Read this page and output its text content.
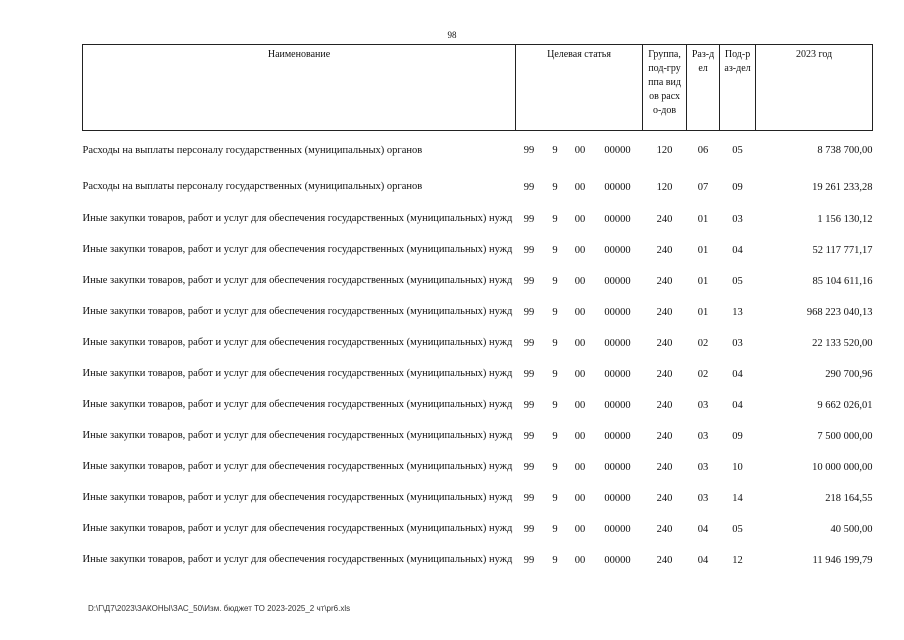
98
Наименование	Целевая статья				Группа, под-группа видов расхо-дов	Раз-дел	Под-раз-дел	2023 год
Расходы на выплаты персоналу государственных (муниципальных) органов	99	9	00	00000	120	06	05	8 738 700,00
Расходы на выплаты персоналу государственных (муниципальных) органов	99	9	00	00000	120	07	09	19 261 233,28
Иные закупки товаров, работ и услуг для обеспечения государственных (муниципальных) нужд	99	9	00	00000	240	01	03	1 156 130,12
Иные закупки товаров, работ и услуг для обеспечения государственных (муниципальных) нужд	99	9	00	00000	240	01	04	52 117 771,17
Иные закупки товаров, работ и услуг для обеспечения государственных (муниципальных) нужд	99	9	00	00000	240	01	05	85 104 611,16
Иные закупки товаров, работ и услуг для обеспечения государственных (муниципальных) нужд	99	9	00	00000	240	01	13	968 223 040,13
Иные закупки товаров, работ и услуг для обеспечения государственных (муниципальных) нужд	99	9	00	00000	240	02	03	22 133 520,00
Иные закупки товаров, работ и услуг для обеспечения государственных (муниципальных) нужд	99	9	00	00000	240	02	04	290 700,96
Иные закупки товаров, работ и услуг для обеспечения государственных (муниципальных) нужд	99	9	00	00000	240	03	04	9 662 026,01
Иные закупки товаров, работ и услуг для обеспечения государственных (муниципальных) нужд	99	9	00	00000	240	03	09	7 500 000,00
Иные закупки товаров, работ и услуг для обеспечения государственных (муниципальных) нужд	99	9	00	00000	240	03	10	10 000 000,00
Иные закупки товаров, работ и услуг для обеспечения государственных (муниципальных) нужд	99	9	00	00000	240	03	14	218 164,55
Иные закупки товаров, работ и услуг для обеспечения государственных (муниципальных) нужд	99	9	00	00000	240	04	05	40 500,00
Иные закупки товаров, работ и услуг для обеспечения государственных (муниципальных) нужд	99	9	00	00000	240	04	12	11 946 199,79
D:\Г\Д7\2023\ЗАКОНЫ\ЗАС_50\Изм. бюджет ТО 2023-2025_2 чт\pr6.xls
